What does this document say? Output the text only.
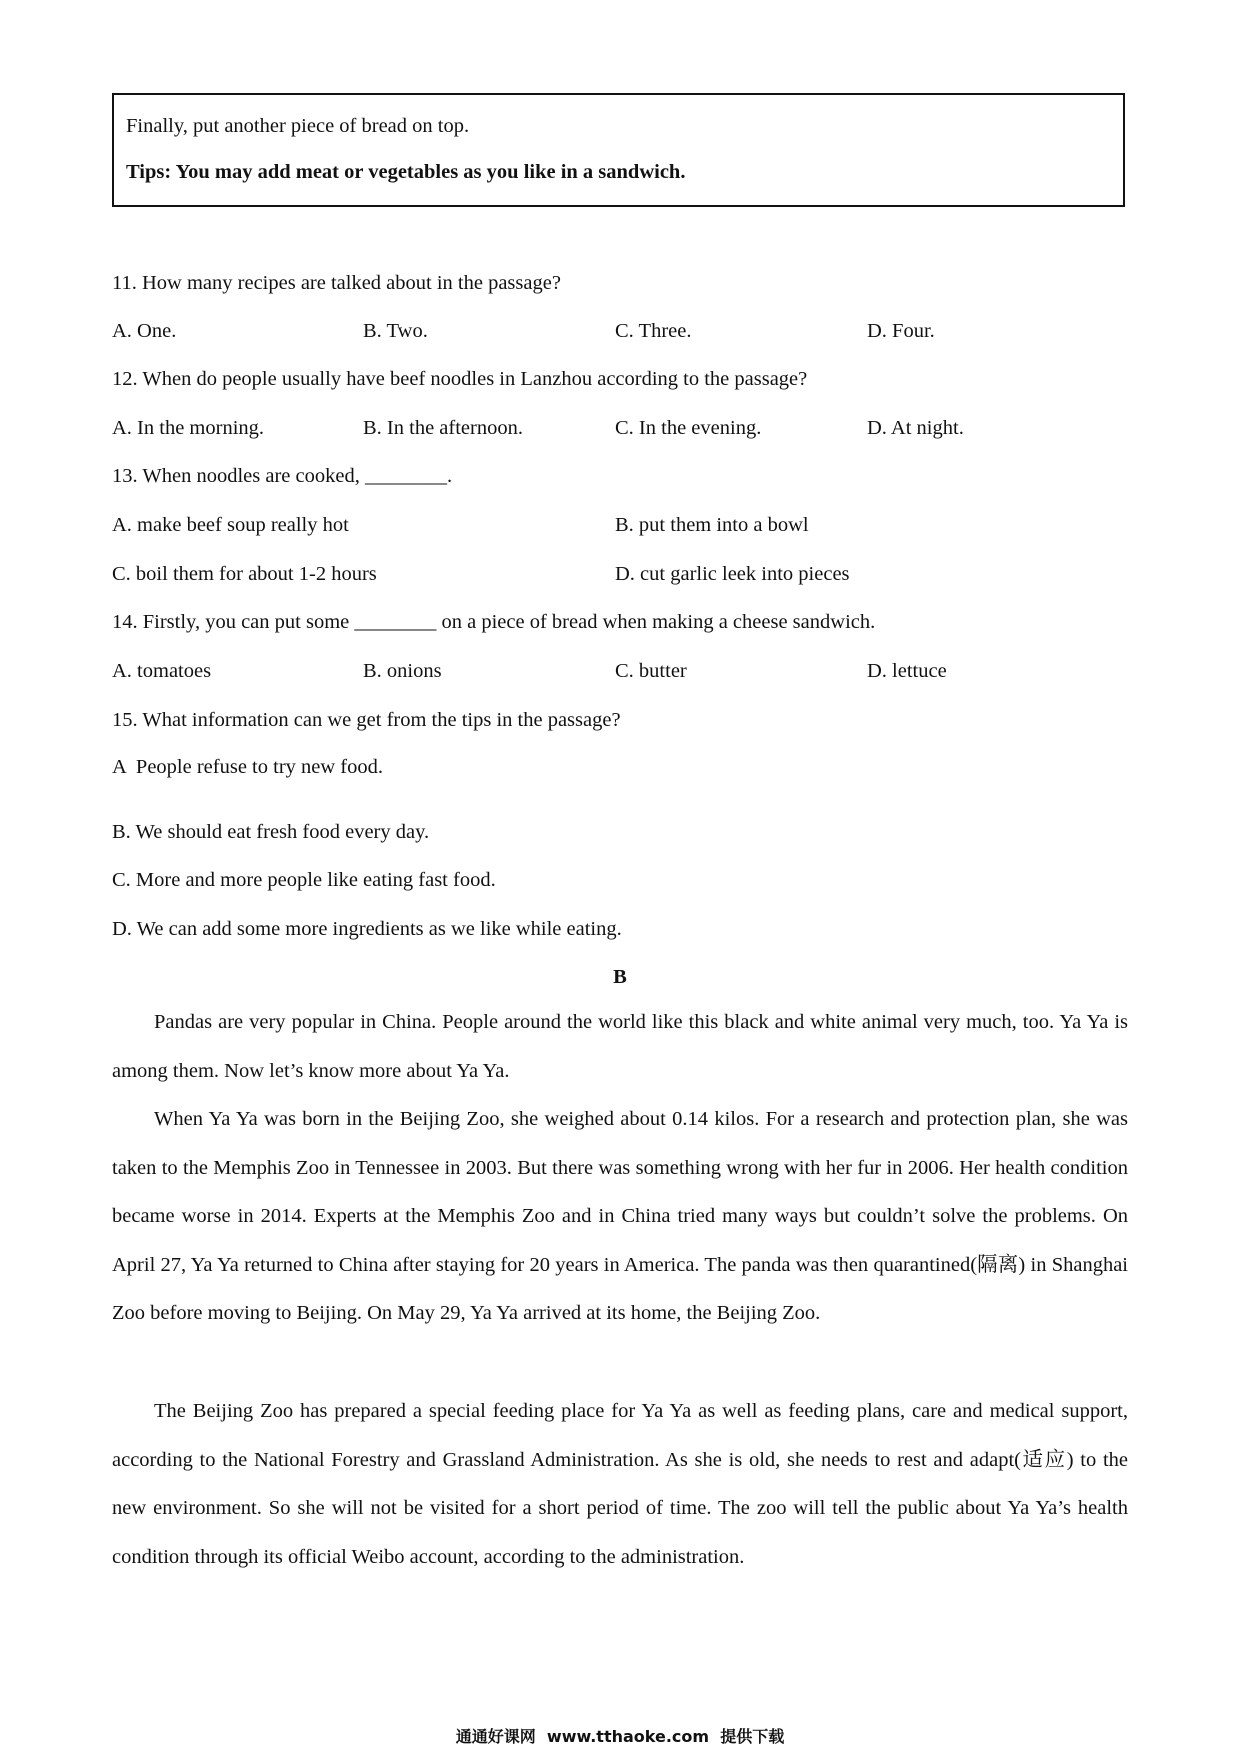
Finally, put another piece of bread on top.
Tips: You may add meat or vegetables as you like in a sandwich.
11. How many recipes are talked about in the passage?
A. One.	B. Two.	C. Three.	D. Four.
12. When do people usually have beef noodles in Lanzhou according to the passage?
A. In the morning.	B. In the afternoon.	C. In the evening.	D. At night.
13. When noodles are cooked, ________.
A. make beef soup really hot	B. put them into a bowl
C. boil them for about 1-2 hours	D. cut garlic leek into pieces
14. Firstly, you can put some ________ on a piece of bread when making a cheese sandwich.
A. tomatoes	B. onions	C. butter	D. lettuce
15. What information can we get from the tips in the passage?
A  People refuse to try new food.
B. We should eat fresh food every day.
C. More and more people like eating fast food.
D. We can add some more ingredients as we like while eating.
B
Pandas are very popular in China. People around the world like this black and white animal very much, too. Ya Ya is among them. Now let’s know more about Ya Ya.
When Ya Ya was born in the Beijing Zoo, she weighed about 0.14 kilos. For a research and protection plan, she was taken to the Memphis Zoo in Tennessee in 2003. But there was something wrong with her fur in 2006. Her health condition became worse in 2014. Experts at the Memphis Zoo and in China tried many ways but couldn’t solve the problems. On April 27, Ya Ya returned to China after staying for 20 years in America. The panda was then quarantined(隔离) in Shanghai Zoo before moving to Beijing. On May 29, Ya Ya arrived at its home, the Beijing Zoo.
The Beijing Zoo has prepared a special feeding place for Ya Ya as well as feeding plans, care and medical support, according to the National Forestry and Grassland Administration. As she is old, she needs to rest and adapt(适应) to the new environment. So she will not be visited for a short period of time. The zoo will tell the public about Ya Ya’s health condition through its official Weibo account, according to the administration.
通通好课网  www.tthaoke.com  提供下载
